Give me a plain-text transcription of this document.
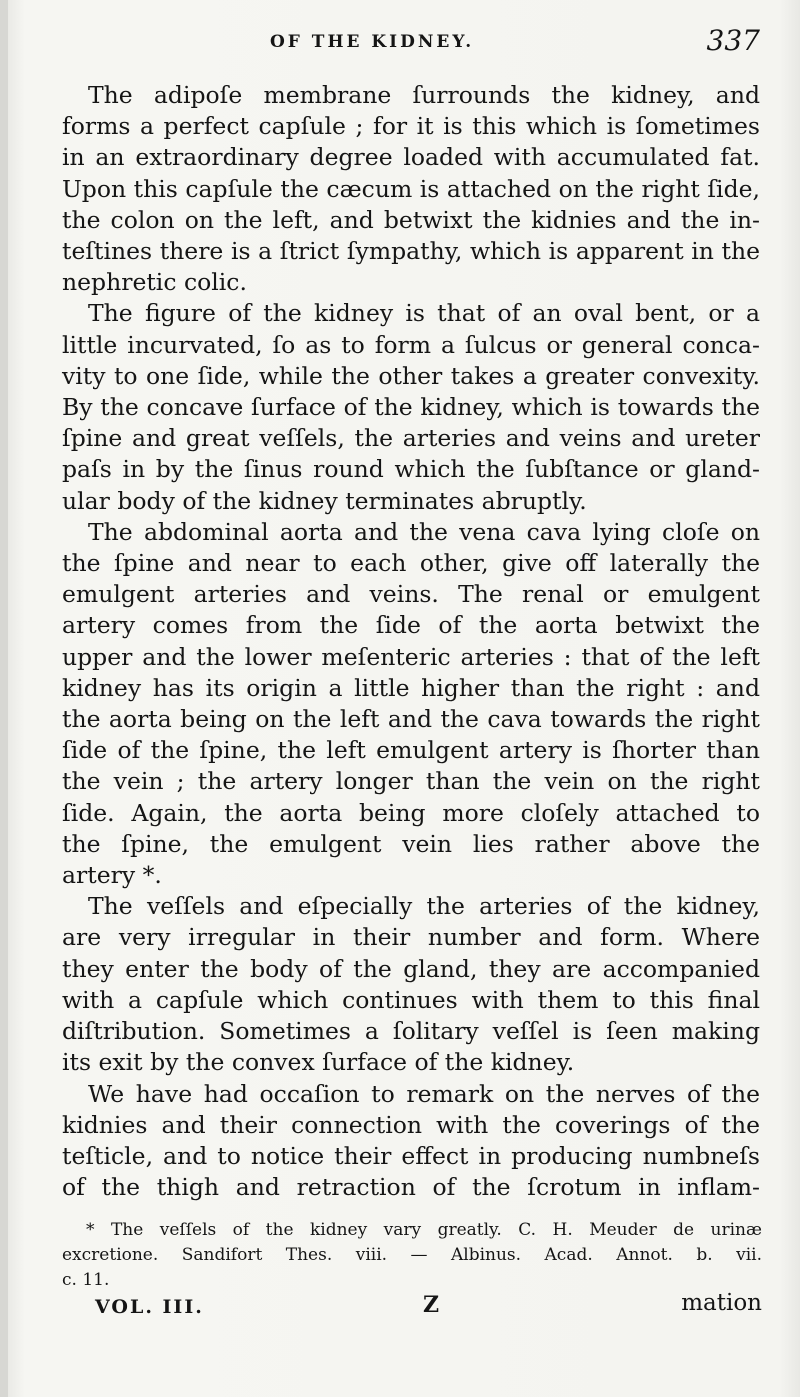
OF THE KIDNEY.	337

The adipoſe membrane ſurrounds the kidney, and
forms a perfect capſule ; for it is this which is ſometimes
in an extraordinary degree loaded with accumulated fat.
Upon this capſule the cæcum is attached on the right ſide,
the colon on the left, and betwixt the kidnies and the in-
teſtines there is a ſtrict ſympathy, which is apparent in the
nephretic colic.

The figure of the kidney is that of an oval bent, or a
little incurvated, ſo as to form a ſulcus or general conca-
vity to one ſide, while the other takes a greater convexity.
By the concave ſurface of the kidney, which is towards the
ſpine and great veſſels, the arteries and veins and ureter
paſs in by the ſinus round which the ſubſtance or gland-
ular body of the kidney terminates abruptly.

The abdominal aorta and the vena cava lying cloſe on
the ſpine and near to each other, give off laterally the
emulgent arteries and veins. The renal or emulgent
artery comes from the ſide of the aorta betwixt the
upper and the lower meſenteric arteries : that of the left
kidney has its origin a little higher than the right : and
the aorta being on the left and the cava towards the right
ſide of the ſpine, the left emulgent artery is ſhorter than
the vein ; the artery longer than the vein on the right
ſide. Again, the aorta being more cloſely attached to
the ſpine, the emulgent vein lies rather above the
artery *.

The veſſels and eſpecially the arteries of the kidney,
are very irregular in their number and form. Where
they enter the body of the gland, they are accompanied
with a capſule which continues with them to this final
diſtribution. Sometimes a ſolitary veſſel is ſeen making
its exit by the convex ſurface of the kidney.

We have had occaſion to remark on the nerves of the
kidnies and their connection with the coverings of the
teſticle, and to notice their effect in producing numbneſs
of the thigh and retraction of the ſcrotum in inflam-

* The veſſels of the kidney vary greatly. C. H. Meuder de urinæ
excretione. Sandifort Thes. viii. — Albinus. Acad. Annot. b. vii.
c. 11.
VOL. III.	Z	mation
